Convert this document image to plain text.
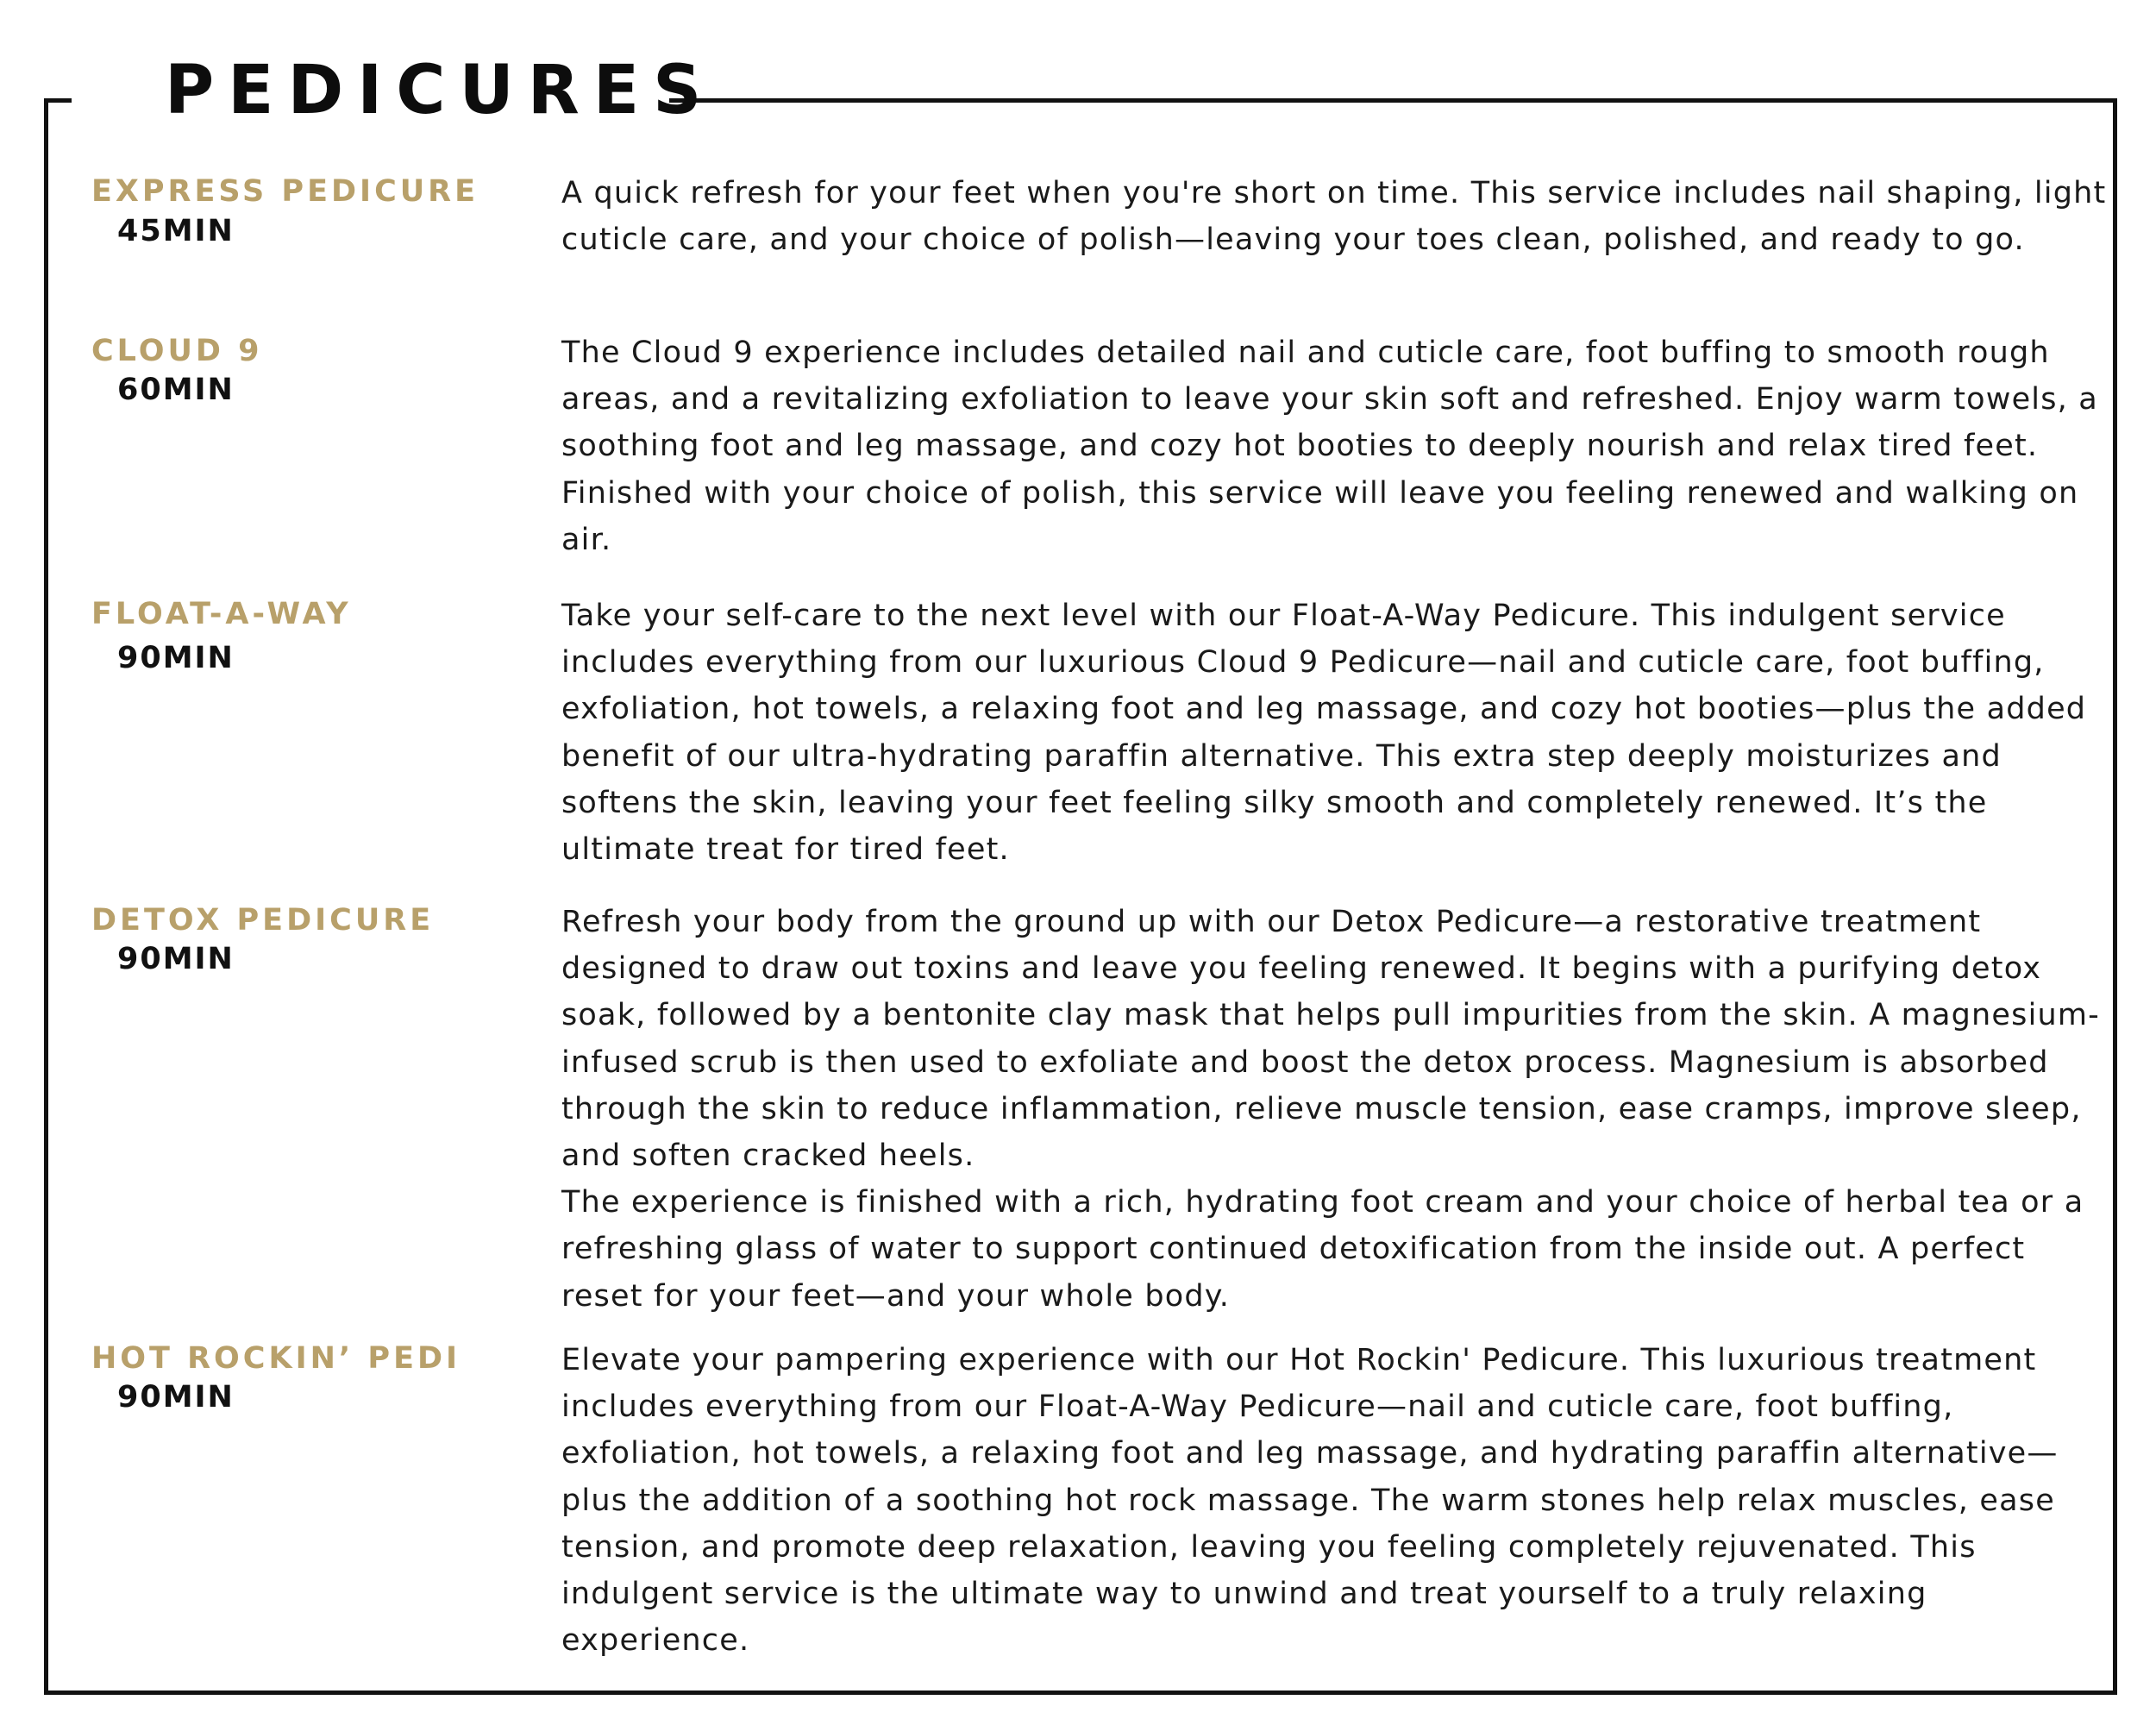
PEDICURES
EXPRESS PEDICURE
45MIN

A quick refresh for your feet when you're short on time. This service includes nail shaping, light cuticle care, and your choice of polish—leaving your toes clean, polished, and ready to go.

CLOUD 9
60MIN

The Cloud 9 experience includes detailed nail and cuticle care, foot buffing to smooth rough areas, and a revitalizing exfoliation to leave your skin soft and refreshed. Enjoy warm towels, a soothing foot and leg massage, and cozy hot booties to deeply nourish and relax tired feet. Finished with your choice of polish, this service will leave you feeling renewed and walking on air.

FLOAT-A-WAY
90MIN

Take your self-care to the next level with our Float-A-Way Pedicure. This indulgent service includes everything from our luxurious Cloud 9 Pedicure—nail and cuticle care, foot buffing, exfoliation, hot towels, a relaxing foot and leg massage, and cozy hot booties—plus the added benefit of our ultra-hydrating paraffin alternative. This extra step deeply moisturizes and softens the skin, leaving your feet feeling silky smooth and completely renewed. It’s the ultimate treat for tired feet.

DETOX PEDICURE
90MIN

Refresh your body from the ground up with our Detox Pedicure—a restorative treatment designed to draw out toxins and leave you feeling renewed. It begins with a purifying detox soak, followed by a bentonite clay mask that helps pull impurities from the skin. A magnesium-infused scrub is then used to exfoliate and boost the detox process. Magnesium is absorbed through the skin to reduce inflammation, relieve muscle tension, ease cramps, improve sleep, and soften cracked heels.

The experience is finished with a rich, hydrating foot cream and your choice of herbal tea or a refreshing glass of water to support continued detoxification from the inside out. A perfect reset for your feet—and your whole body.

HOT ROCKIN’ PEDI
90MIN

Elevate your pampering experience with our Hot Rockin' Pedicure. This luxurious treatment includes everything from our Float-A-Way Pedicure—nail and cuticle care, foot buffing, exfoliation, hot towels, a relaxing foot and leg massage, and hydrating paraffin alternative—plus the addition of a soothing hot rock massage. The warm stones help relax muscles, ease tension, and promote deep relaxation, leaving you feeling completely rejuvenated. This indulgent service is the ultimate way to unwind and treat yourself to a truly relaxing experience.
